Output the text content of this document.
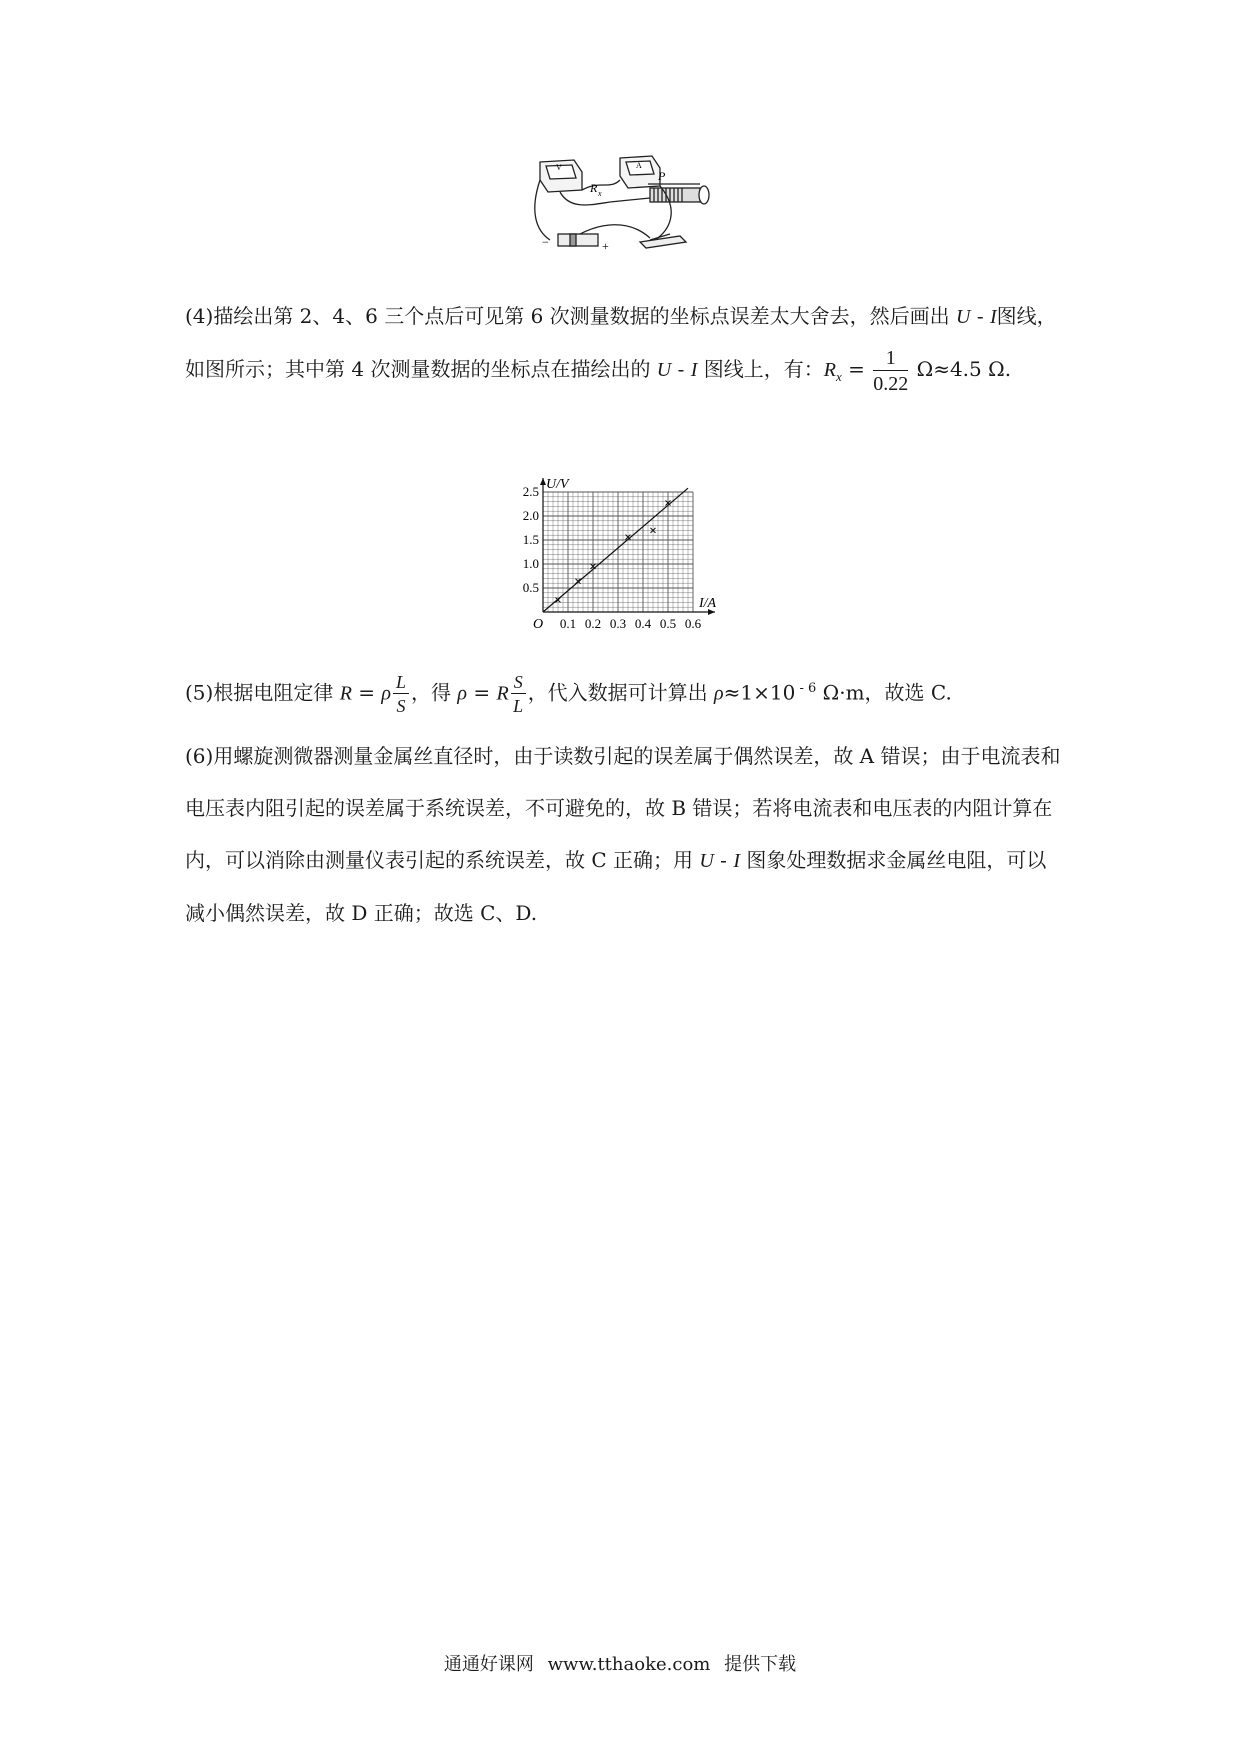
R x
P
V	A
+
−

(4)描绘出第 2、4、6 三个点后可见第 6 次测量数据的坐标点误差太大舍去，然后画出 U - I图线，如图所示；其中第 4 次测量数据的坐标点在描绘出的 U - I 图线上，有：$R_x = \frac{1}{0.22} \Omega\approx 4.5$ Ω.

0.1 0.2 0.3 0.4 0.5 0.6
0.5
1.0
1.5
2.0
2.5 U/V
I/A
O

(5)根据电阻定律 R = ρ $\frac{L}{S}$ ，得 ρ = R $\frac{S}{L}$ ，代入数据可计算出 ρ≈1×10 $^{- 6}$ Ω·m，故选 C.

(6)用螺旋测微器测量金属丝直径时，由于读数引起的误差属于偶然误差，故 A 错误；由于电流表和电压表内阻引起的误差属于系统误差，不可避免的，故 B 错误；若将电流表和电压表的内阻计算在内，可以消除由测量仪表引起的系统误差，故 C 正确；用 U - I 图象处理数据求金属丝电阻，可以减小偶然误差，故 D 正确；故选 C、D.

通通好课网 www.tthaoke.com 提供下载
